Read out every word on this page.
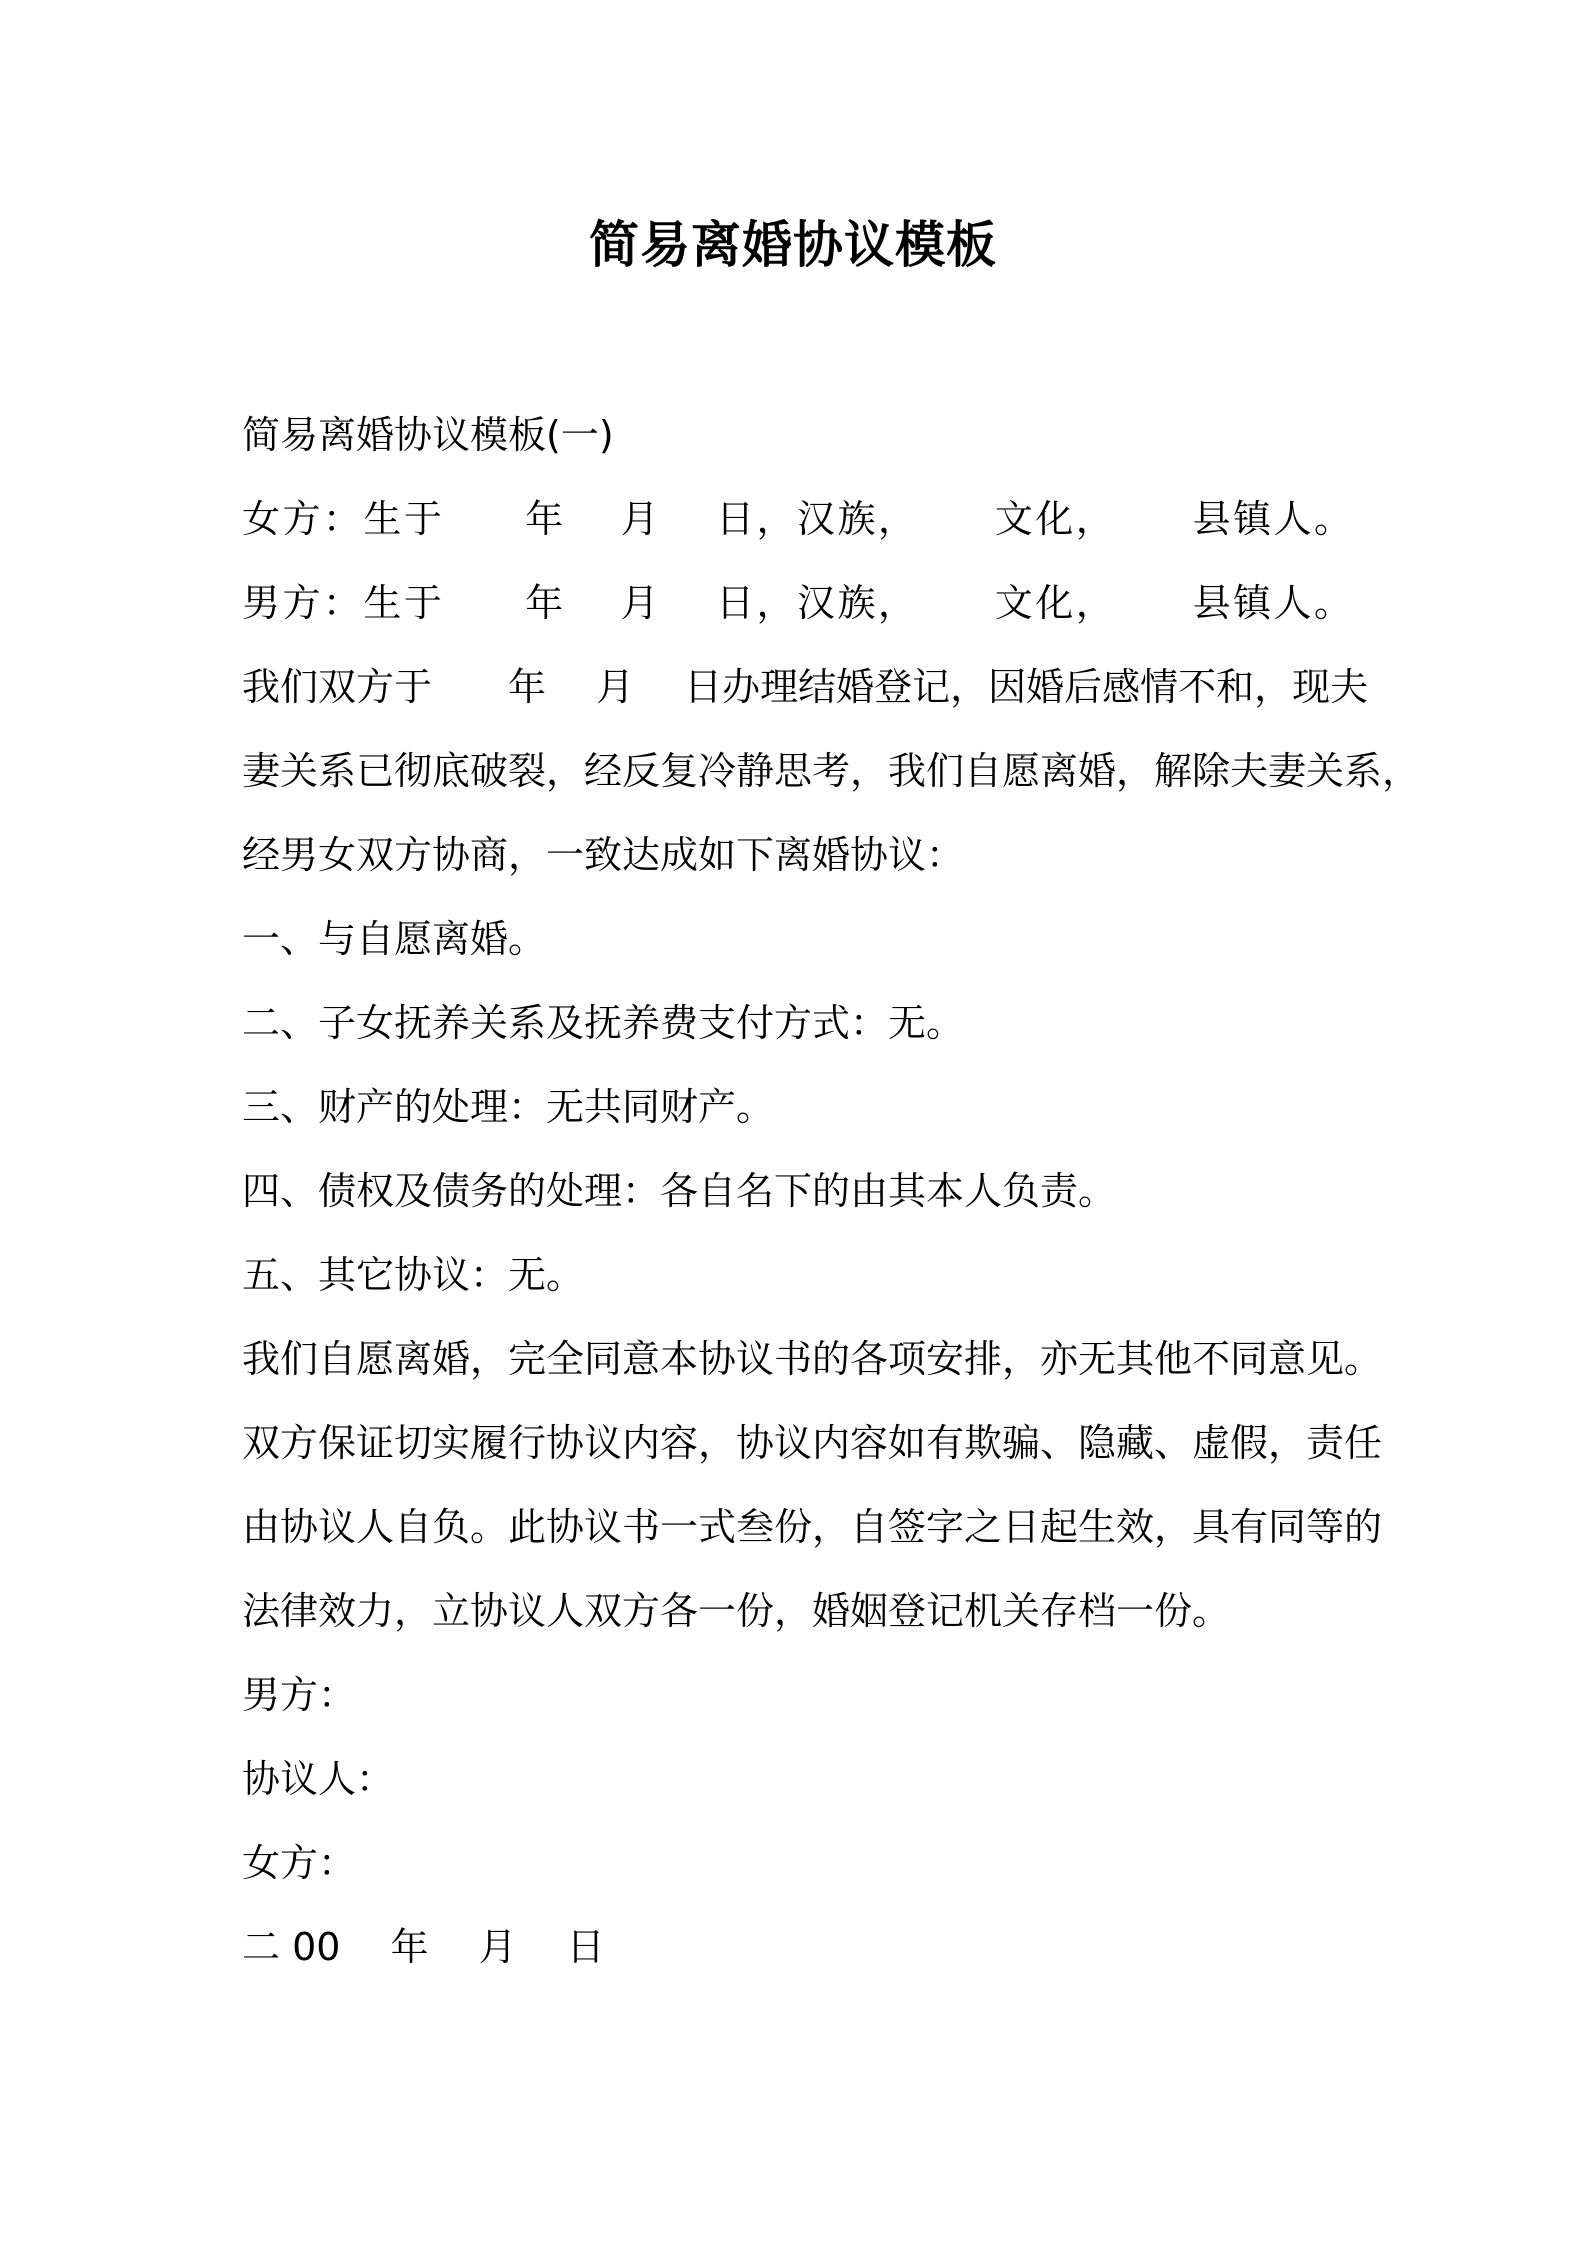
简易离婚协议模板
简易离婚协议模板(一)
女方：生于　　年　 月　 日，汉族，　　 文化，　　 县镇人。
男方：生于　　年　 月　 日，汉族，　　 文化，　　 县镇人。
我们双方于　　年　 月　 日办理结婚登记，因婚后感情不和，现夫
妻关系已彻底破裂，经反复冷静思考，我们自愿离婚，解除夫妻关系，
经男女双方协商，一致达成如下离婚协议：
一、与自愿离婚。
二、子女抚养关系及抚养费支付方式：无。
三、财产的处理：无共同财产。
四、债权及债务的处理：各自名下的由其本人负责。
五、其它协议：无。
我们自愿离婚，完全同意本协议书的各项安排，亦无其他不同意见。
双方保证切实履行协议内容，协议内容如有欺骗、隐藏、虚假，责任
由协议人自负。此协议书一式叁份，自签字之日起生效，具有同等的
法律效力，立协议人双方各一份，婚姻登记机关存档一份。
男方：
协议人：
女方：
二 00　 年　 月　 日
